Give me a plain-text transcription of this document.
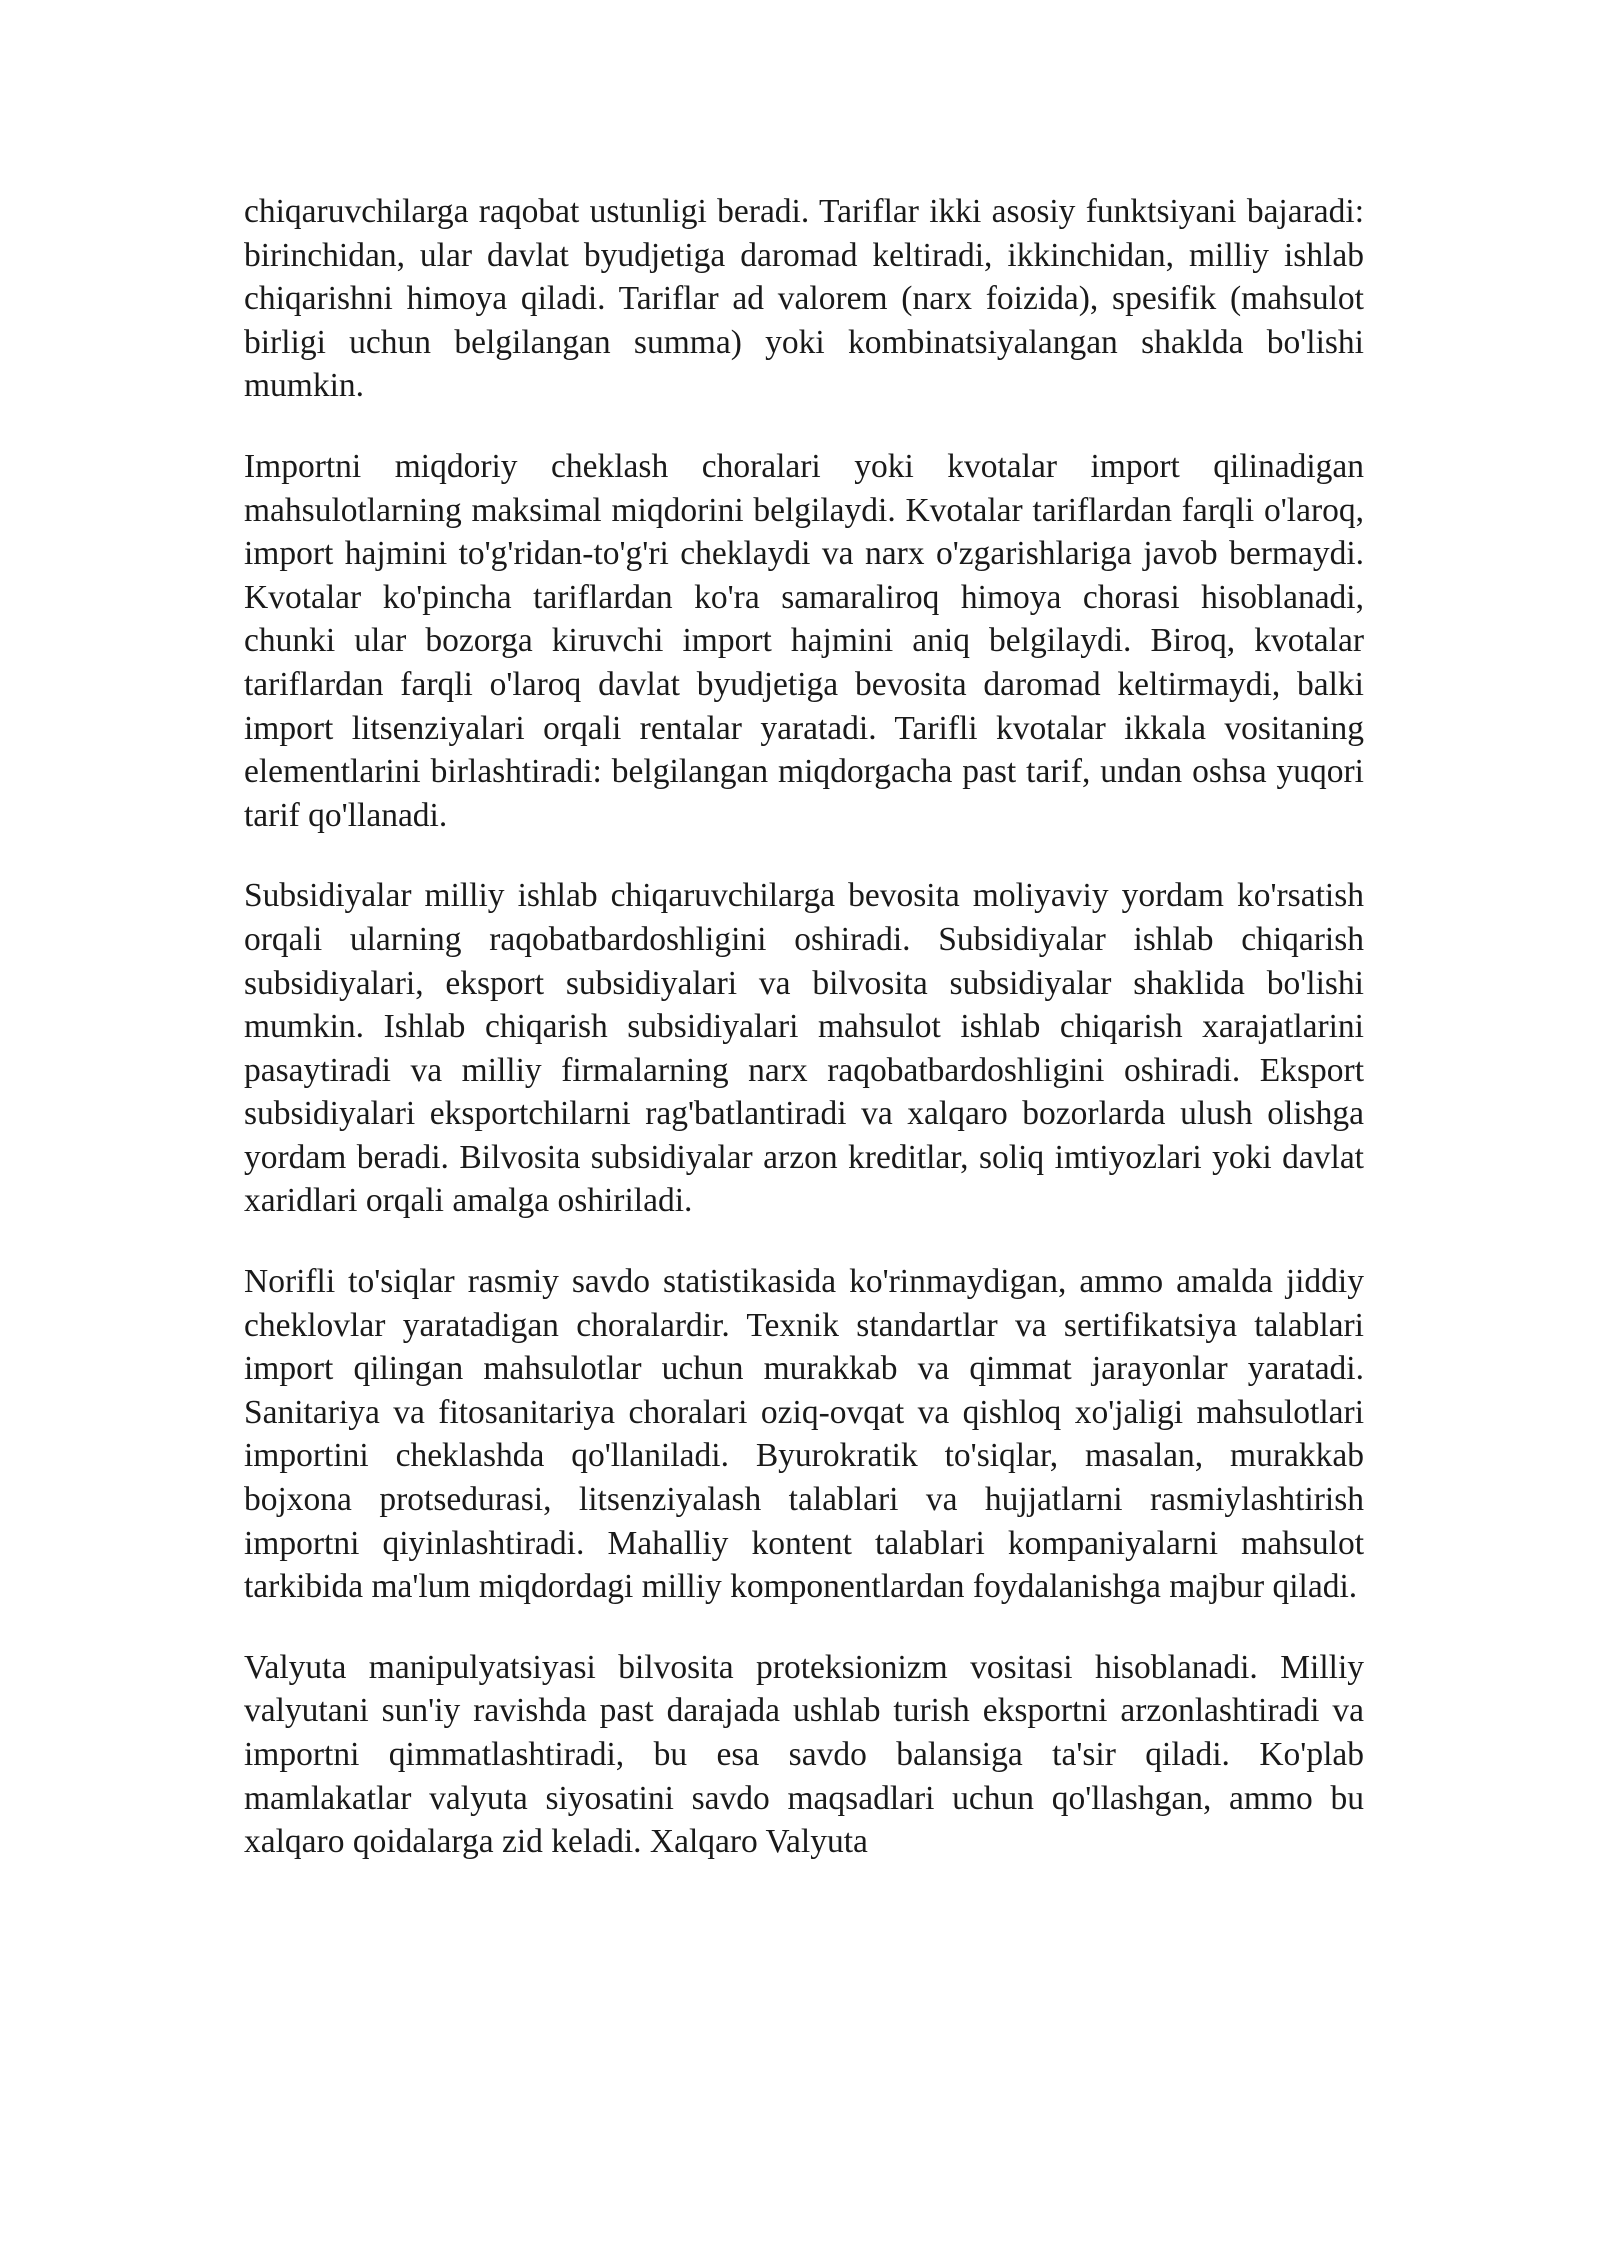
chiqaruvchilarga raqobat ustunligi beradi. Tariflar ikki asosiy funktsiyani bajaradi: birinchidan, ular davlat byudjetiga daromad keltiradi, ikkinchidan, milliy ishlab chiqarishni himoya qiladi. Tariflar ad valorem (narx foizida), spesifik (mahsulot birligi uchun belgilangan summa) yoki kombinatsiyalangan shaklda bo'lishi mumkin.

Importni miqdoriy cheklash choralari yoki kvotalar import qilinadigan mahsulotlarning maksimal miqdorini belgilaydi. Kvotalar tariflardan farqli o'laroq, import hajmini to'g'ridan-to'g'ri cheklaydi va narx o'zgarishlariga javob bermaydi. Kvotalar ko'pincha tariflardan ko'ra samaraliroq himoya chorasi hisoblanadi, chunki ular bozorga kiruvchi import hajmini aniq belgilaydi. Biroq, kvotalar tariflardan farqli o'laroq davlat byudjetiga bevosita daromad keltirmaydi, balki import litsenziyalari orqali rentalar yaratadi. Tarifli kvotalar ikkala vositaning elementlarini birlashtiradi: belgilangan miqdorgacha past tarif, undan oshsa yuqori tarif qo'llanadi.

Subsidiyalar milliy ishlab chiqaruvchilarga bevosita moliyaviy yordam ko'rsatish orqali ularning raqobatbardoshligini oshiradi. Subsidiyalar ishlab chiqarish subsidiyalari, eksport subsidiyalari va bilvosita subsidiyalar shaklida bo'lishi mumkin. Ishlab chiqarish subsidiyalari mahsulot ishlab chiqarish xarajatlarini pasaytiradi va milliy firmalarning narx raqobatbardoshligini oshiradi. Eksport subsidiyalari eksportchilarni rag'batlantiradi va xalqaro bozorlarda ulush olishga yordam beradi. Bilvosita subsidiyalar arzon kreditlar, soliq imtiyozlari yoki davlat xaridlari orqali amalga oshiriladi.

Norifli to'siqlar rasmiy savdo statistikasida ko'rinmaydigan, ammo amalda jiddiy cheklovlar yaratadigan choralardir. Texnik standartlar va sertifikatsiya talablari import qilingan mahsulotlar uchun murakkab va qimmat jarayonlar yaratadi. Sanitariya va fitosanitariya choralari oziq-ovqat va qishloq xo'jaligi mahsulotlari importini cheklashda qo'llaniladi. Byurokratik to'siqlar, masalan, murakkab bojxona protsedurasi, litsenziyalash talablari va hujjatlarni rasmiylashtirish importni qiyinlashtiradi. Mahalliy kontent talablari kompaniyalarni mahsulot tarkibida ma'lum miqdordagi milliy komponentlardan foydalanishga majbur qiladi.

Valyuta manipulyatsiyasi bilvosita proteksionizm vositasi hisoblanadi. Milliy valyutani sun'iy ravishda past darajada ushlab turish eksportni arzonlashtiradi va importni qimmatlashtiradi, bu esa savdo balansiga ta'sir qiladi. Ko'plab mamlakatlar valyuta siyosatini savdo maqsadlari uchun qo'llashgan, ammo bu xalqaro qoidalarga zid keladi. Xalqaro Valyuta
